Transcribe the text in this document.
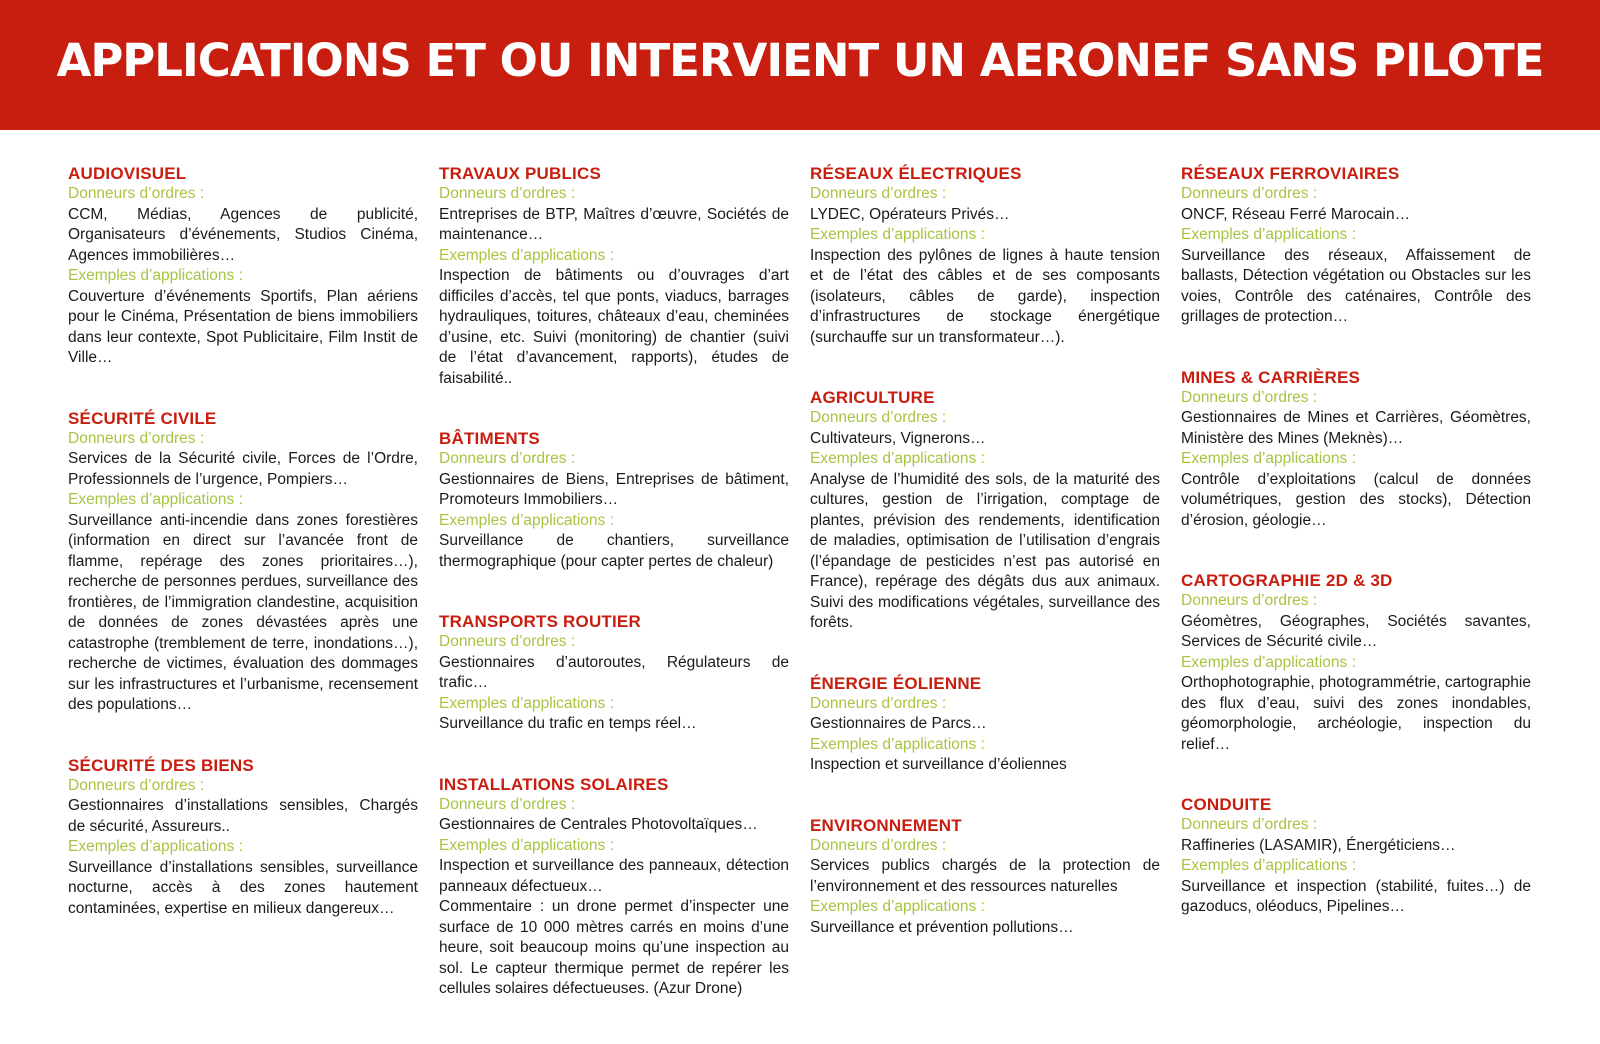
APPLICATIONS ET OU INTERVIENT UN AERONEF SANS PILOTE
AUDIOVISUEL
Donneurs d’ordres :

CCM, Médias, Agences de publicité, Organisateurs d’événements, Studios Cinéma, Agences immobilières…

Exemples d’applications :

Couverture d’événements Sportifs, Plan aériens pour le Cinéma, Présentation de biens immobiliers dans leur contexte, Spot Publicitaire, Film Instit de Ville…

SÉCURITÉ CIVILE
Donneurs d’ordres :

Services de la Sécurité civile, Forces de l’Ordre, Professionnels de l’urgence, Pompiers…

Exemples d’applications :

Surveillance anti-incendie dans zones forestières (information en direct sur l’avancée front de flamme, repérage des zones prioritaires…), recherche de personnes perdues, surveillance des frontières, de l’immigration clandestine, acquisition de données de zones dévastées après une catastrophe (tremblement de terre, inondations…), recherche de victimes, évaluation des dommages sur les infrastructures et l’urbanisme, recensement des populations…

SÉCURITÉ DES BIENS
Donneurs d’ordres :

Gestionnaires d’installations sensibles, Chargés de sécurité, Assureurs..

Exemples d’applications :

Surveillance d’installations sensibles, surveillance nocturne, accès à des zones hautement contaminées, expertise en milieux dangereux…

TRAVAUX PUBLICS
Donneurs d’ordres :

Entreprises de BTP, Maîtres d’œuvre, Sociétés de maintenance…

Exemples d’applications :

Inspection de bâtiments ou d’ouvrages d’art difficiles d’accès, tel que ponts, viaducs, barrages hydrauliques, toitures, châteaux d’eau, cheminées d’usine, etc. Suivi (monitoring) de chantier (suivi de l’état d’avancement, rapports), études de faisabilité..

BÂTIMENTS
Donneurs d’ordres :

Gestionnaires de Biens, Entreprises de bâtiment, Promoteurs Immobiliers…

Exemples d’applications :

Surveillance de chantiers, surveillance thermographique (pour capter pertes de chaleur)

TRANSPORTS ROUTIER
Donneurs d’ordres :

Gestionnaires d’autoroutes, Régulateurs de trafic…

Exemples d’applications :

Surveillance du trafic en temps réel…

INSTALLATIONS SOLAIRES
Donneurs d’ordres :

Gestionnaires de Centrales Photovoltaïques…

Exemples d’applications :

Inspection et surveillance des panneaux, détection panneaux défectueux…

Commentaire : un drone permet d’inspecter une surface de 10 000 mètres carrés en moins d’une heure, soit beaucoup moins qu’une inspection au sol. Le capteur thermique permet de repérer les cellules solaires défectueuses. (Azur Drone)

RÉSEAUX ÉLECTRIQUES
Donneurs d’ordres :

LYDEC, Opérateurs Privés…

Exemples d’applications :

Inspection des pylônes de lignes à haute tension et de l’état des câbles et de ses composants (isolateurs, câbles de garde), inspection d’infrastructures de stockage énergétique (surchauffe sur un transformateur…).

AGRICULTURE
Donneurs d’ordres :

Cultivateurs, Vignerons…

Exemples d’applications :

Analyse de l’humidité des sols, de la maturité des cultures, gestion de l’irrigation, comptage de plantes, prévision des rendements, identification de maladies, optimisation de l’utilisation d’engrais (l’épandage de pesticides n’est pas autorisé en France), repérage des dégâts dus aux animaux. Suivi des modifications végétales, surveillance des forêts.

ÉNERGIE ÉOLIENNE
Donneurs d’ordres :

Gestionnaires de Parcs…

Exemples d’applications :

Inspection et surveillance d’éoliennes

ENVIRONNEMENT
Donneurs d’ordres :

Services publics chargés de la protection de l’environnement et des ressources naturelles

Exemples d’applications :

Surveillance et prévention pollutions…

RÉSEAUX FERROVIAIRES
Donneurs d’ordres :

ONCF, Réseau Ferré Marocain…

Exemples d’applications :

Surveillance des réseaux, Affaissement de ballasts, Détection végétation ou Obstacles sur les voies, Contrôle des caténaires, Contrôle des grillages de protection…

MINES & CARRIÈRES
Donneurs d’ordres :

Gestionnaires de Mines et Carrières, Géomètres, Ministère des Mines (Meknès)…

Exemples d’applications :

Contrôle d’exploitations (calcul de données volumétriques, gestion des stocks), Détection d’érosion, géologie…

CARTOGRAPHIE 2D & 3D
Donneurs d’ordres :

Géomètres, Géographes, Sociétés savantes, Services de Sécurité civile…

Exemples d’applications :

Orthophotographie, photogrammétrie, cartographie des flux d’eau, suivi des zones inondables, géomorphologie, archéologie, inspection du relief…

CONDUITE
Donneurs d’ordres :

Raffineries (LASAMIR), Énergéticiens…

Exemples d’applications :

Surveillance et inspection (stabilité, fuites…) de gazoducs, oléoducs, Pipelines…
